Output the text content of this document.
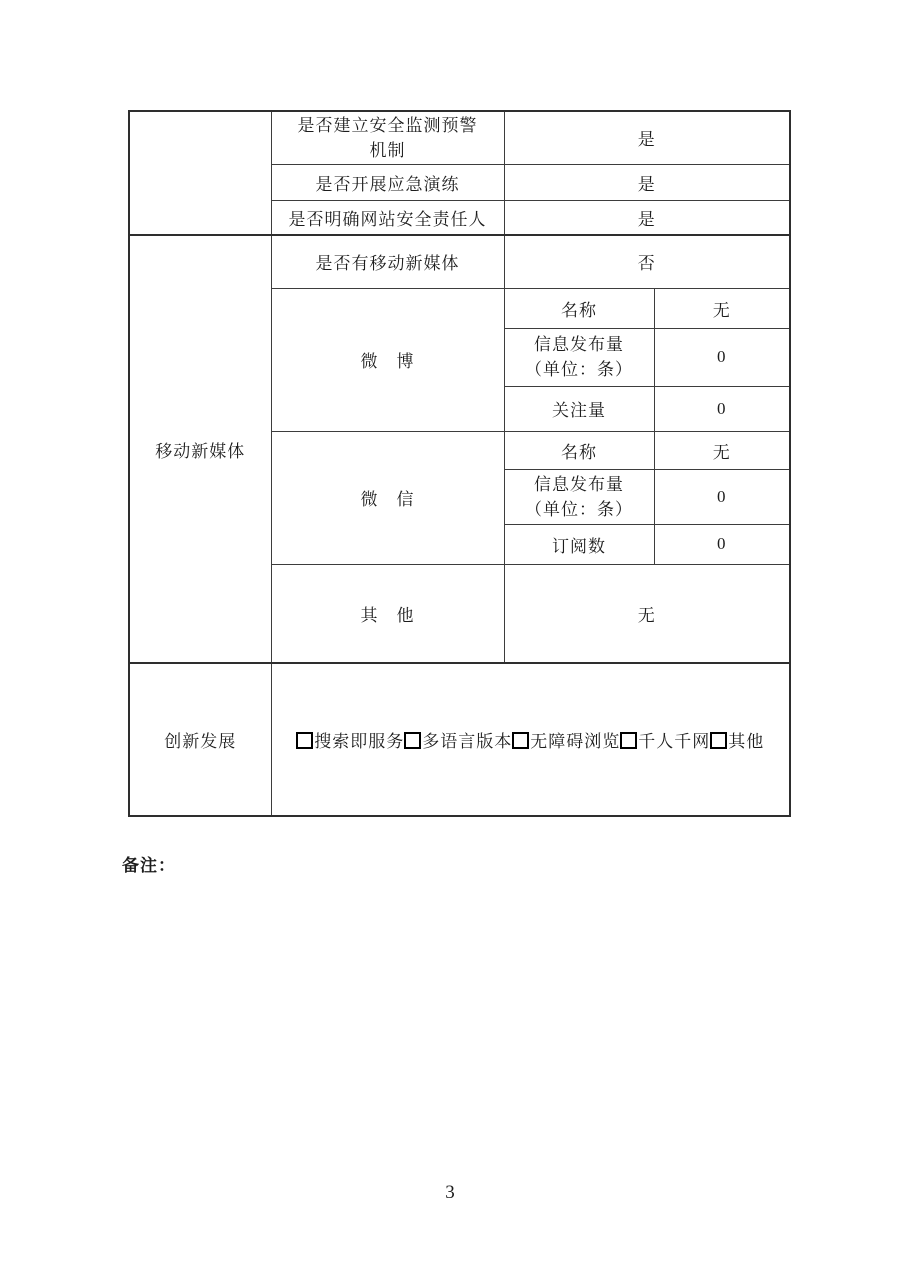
	是否建立安全监测预警
机制	是	
	是否开展应急演练	是	
	是否明确网站安全责任人	是	
移动新媒体	是否有移动新媒体	否	
	微　博	名称	无

		信息发布量
（单位：条）	0
		关注量	0
	微　信	名称	无

		信息发布量
（单位：条）	0
		订阅数	0
	其　他	无	
创新发展	搜索即服务 多语言版本 无障碍浏览 千人千网 其他		
备注：
3
